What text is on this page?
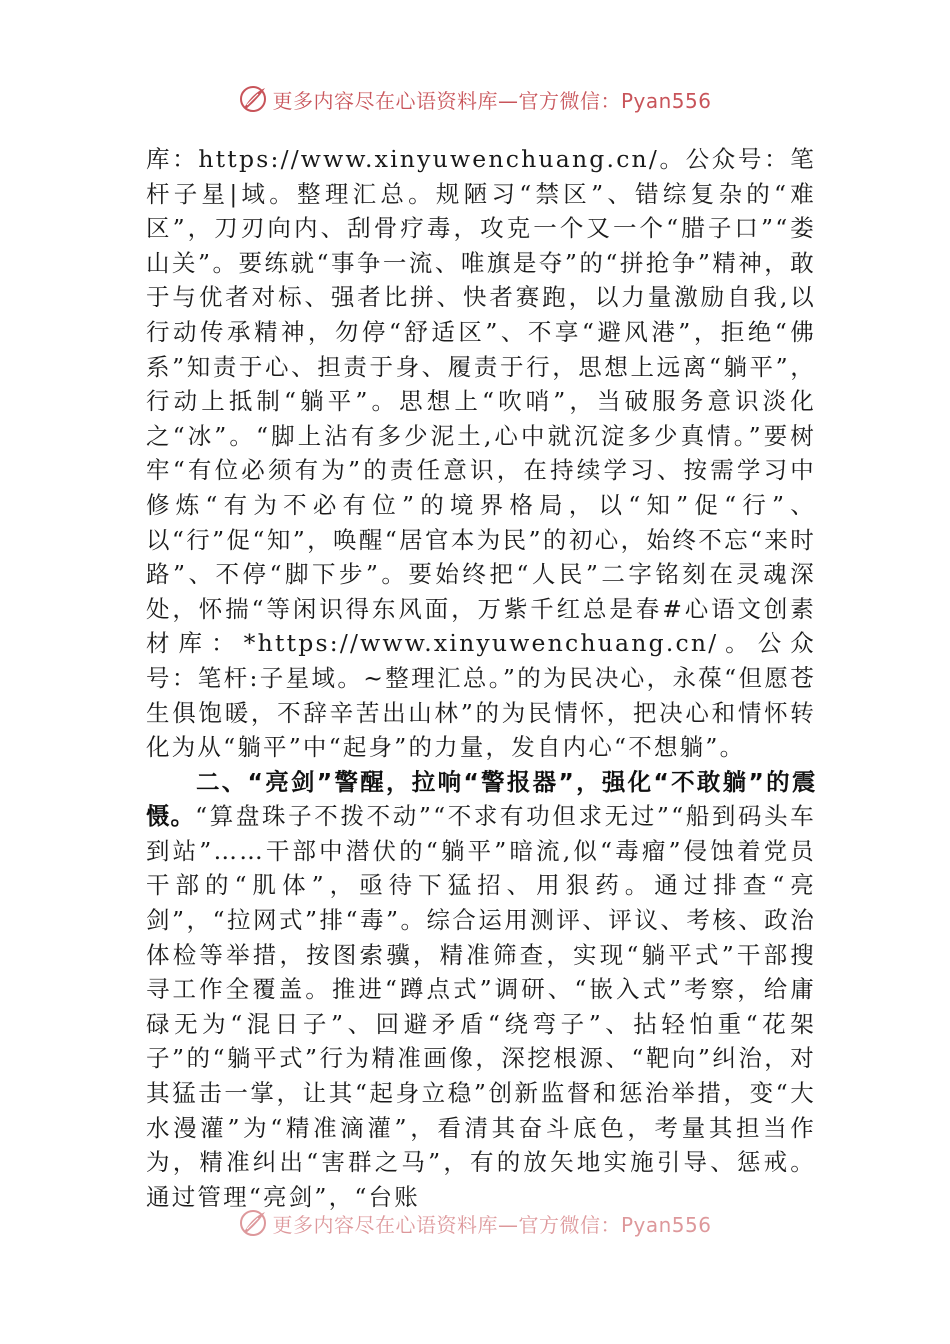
更多内容尽在心语资料库—官方微信：Pyan556

库：https://www.xinyuwenchuang.cn/。公众号：笔杆子星|域。整理汇总。规陋习“禁区”、错综复杂的“难区”，刀刃向内、刮骨疗毒，攻克一个又一个“腊子口”“娄山关”。要练就“事争一流、唯旗是夺”的“拼抢争”精神，敢于与优者对标、强者比拼、快者赛跑，以力量激励自我,以行动传承精神，勿停“舒适区”、不享“避风港”，拒绝“佛系”知责于心、担责于身、履责于行，思想上远离“躺平”，行动上抵制“躺平”。思想上“吹哨”，当破服务意识淡化之“冰”。“脚上沾有多少泥土,心中就沉淀多少真情。”要树牢“有位必须有为”的责任意识，在持续学习、按需学习中修炼“有为不必有位”的境界格局，以“知”促“行”、以“行”促“知”，唤醒“居官本为民”的初心，始终不忘“来时路”、不停“脚下步”。要始终把“人民”二字铭刻在灵魂深处，怀揣“等闲识得东风面，万紫千红总是春#心语文创素材库：*https://www.xinyuwenchuang.cn/。公众号：笔杆:子星域。~整理汇总。”的为民决心，永葆“但愿苍生俱饱暖，不辞辛苦出山林”的为民情怀，把决心和情怀转化为从“躺平”中“起身”的力量，发自内心“不想躺”。

二、“亮剑”警醒，拉响“警报器”，强化“不敢躺”的震慑。“算盘珠子不拨不动”“不求有功但求无过”“船到码头车到站”……干部中潜伏的“躺平”暗流,似“毒瘤”侵蚀着党员干部的“肌体”，亟待下猛招、用狠药。通过排查“亮剑”，“拉网式”排“毒”。综合运用测评、评议、考核、政治体检等举措，按图索骥，精准筛查，实现“躺平式”干部搜寻工作全覆盖。推进“蹲点式”调研、“嵌入式”考察，给庸碌无为“混日子”、回避矛盾“绕弯子”、拈轻怕重“花架子”的“躺平式”行为精准画像，深挖根源、“靶向”纠治，对其猛击一掌，让其“起身立稳”创新监督和惩治举措，变“大水漫灌”为“精准滴灌”，看清其奋斗底色，考量其担当作为，精准纠出“害群之马”，有的放矢地实施引导、惩戒。通过管理“亮剑”，“台账

更多内容尽在心语资料库—官方微信：Pyan556
